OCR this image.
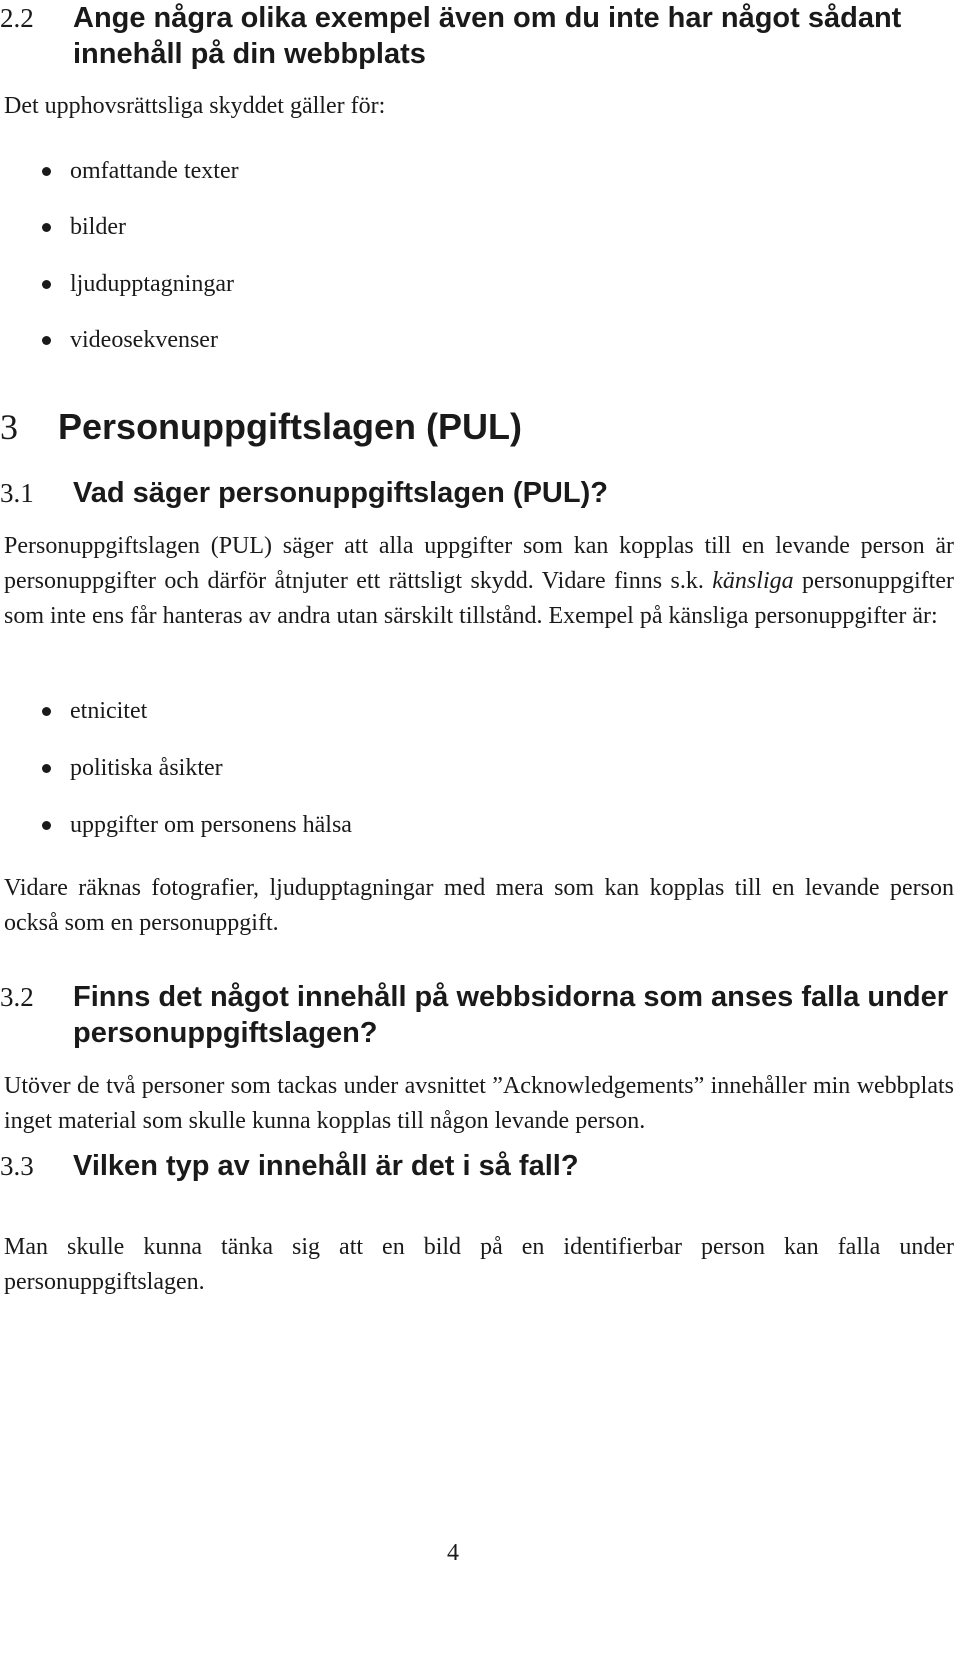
2.2 Ange några olika exempel även om du inte har något sådant innehåll på din webbplats

Det upphovsrättsliga skyddet gäller för:

omfattande texter
bilder
ljudupptagningar
videosekvenser
3 Personuppgiftslagen (PUL)
3.1 Vad säger personuppgiftslagen (PUL)?

Personuppgiftslagen (PUL) säger att alla uppgifter som kan kopplas till en levande person är personuppgifter och därför åtnjuter ett rättsligt skydd. Vidare finns s.k. känsliga personuppgifter som inte ens får hanteras av andra utan särskilt tillstånd. Exempel på känsliga personuppgifter är:

etnicitet
politiska åsikter
uppgifter om personens hälsa

Vidare räknas fotografier, ljudupptagningar med mera som kan kopplas till en levande person också som en personuppgift.

3.2 Finns det något innehåll på webbsidorna som anses falla under personuppgiftslagen?

Utöver de två personer som tackas under avsnittet ”Acknowledgements” innehåller min webbplats inget material som skulle kunna kopplas till någon levande person.

3.3 Vilken typ av innehåll är det i så fall?

Man skulle kunna tänka sig att en bild på en identifierbar person kan falla under personuppgiftslagen.

4
